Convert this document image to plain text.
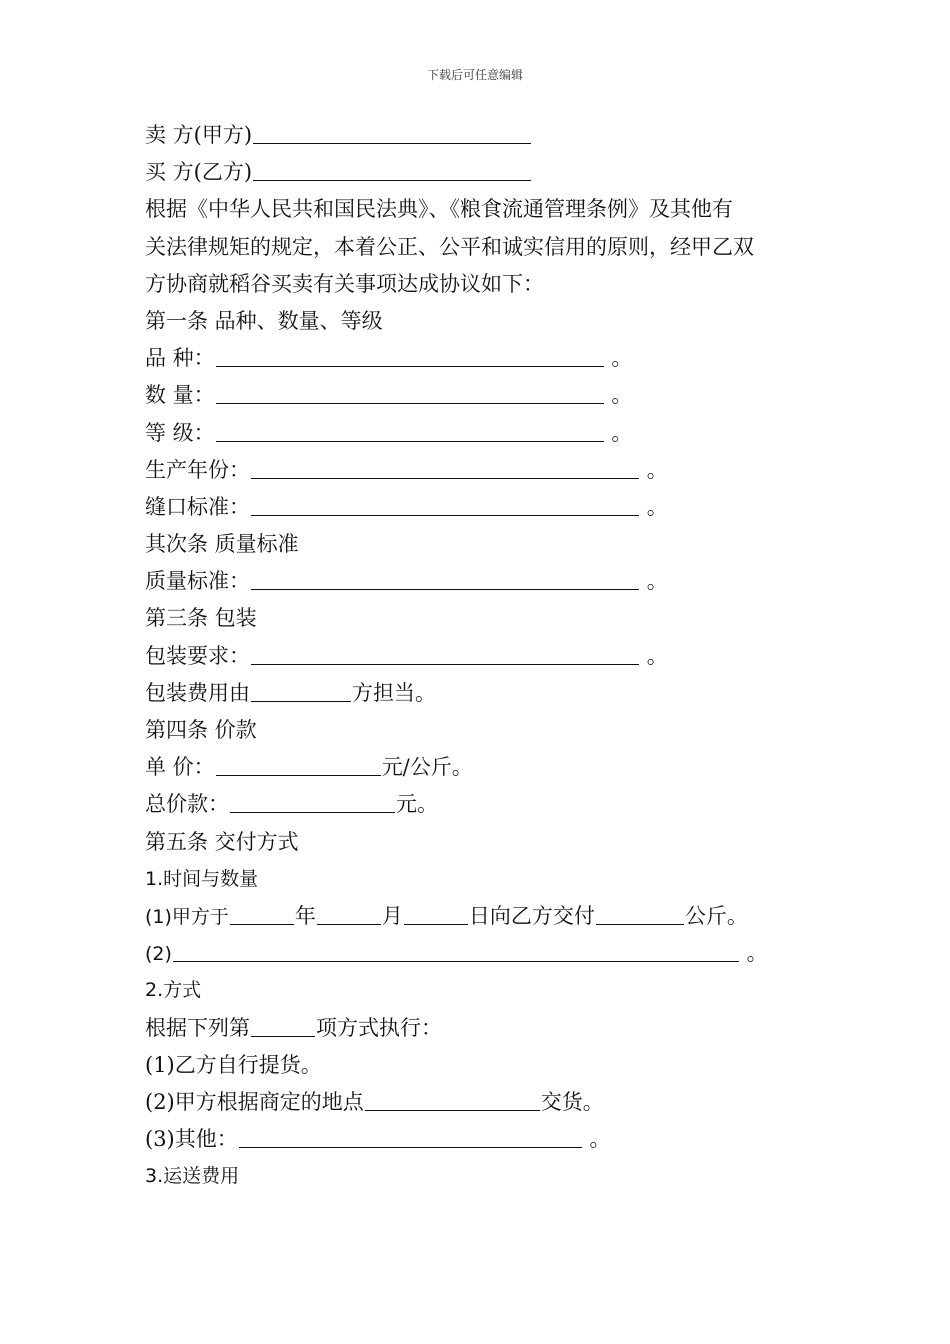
下载后可任意编辑
卖 方(甲方)
买 方(乙方)
根据《中华人民共和国民法典》、《粮食流通管理条例》及其他有
关法律规矩的规定，本着公正、公平和诚实信用的原则，经甲乙双
方协商就稻谷买卖有关事项达成协议如下：
第一条 品种、数量、等级
品 种：	。
数 量：	。
等 级：	。
生产年份：	。
缝口标准：	。
其次条 质量标准
质量标准：	。
第三条 包装
包装要求：	。
包装费用由	方担当。
第四条 价款
单 价：	元/公斤。
总价款：	元。
第五条 交付方式
1.时间与数量
(1)甲方于	年	月	日向乙方交付	公斤。
(2)	。
2.方式
根据下列第	项方式执行：
(1)乙方自行提货。
(2)甲方根据商定的地点	交货。
(3)其他：	。
3.运送费用
